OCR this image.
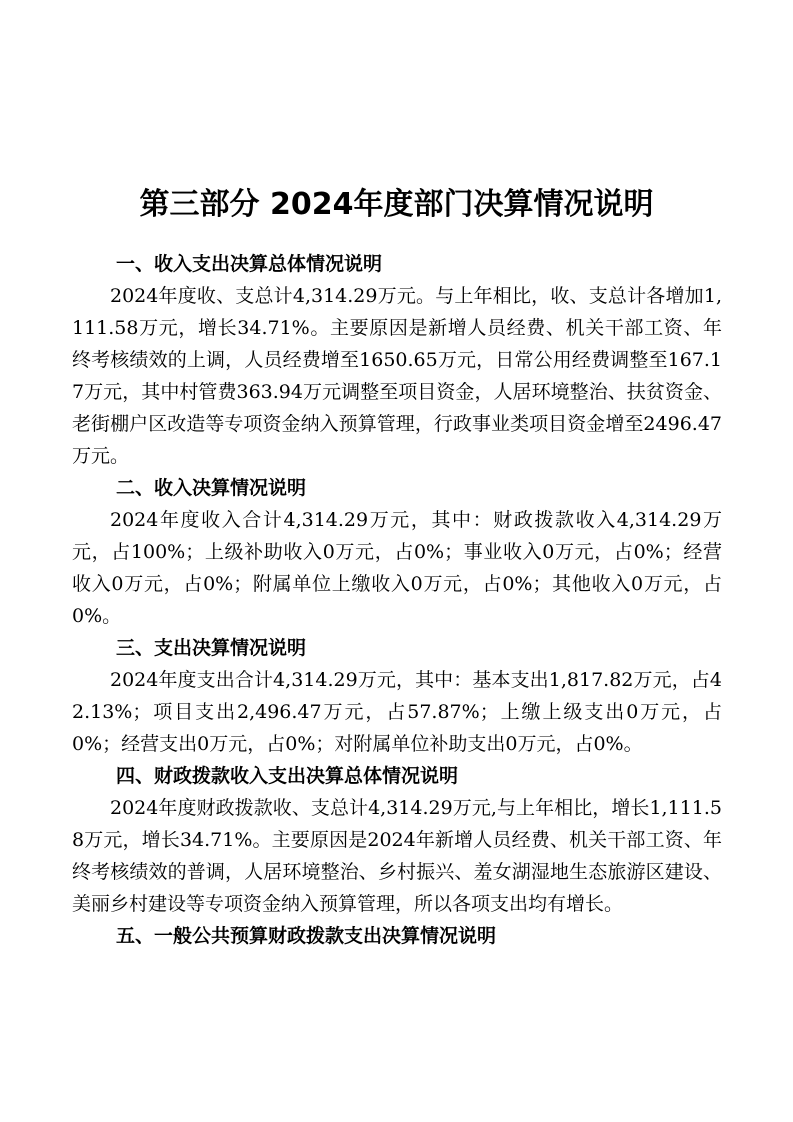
第三部分 2024年度部门决算情况说明
一、收入支出决算总体情况说明

2024年度收、支总计4,314.29万元。与上年相比，收、支总计各增加1,111.58万元，增长34.71%。主要原因是新增人员经费、机关干部工资、年终考核绩效的上调，人员经费增至1650.65万元，日常公用经费调整至167.17万元，其中村管费363.94万元调整至项目资金，人居环境整治、扶贫资金、老街棚户区改造等专项资金纳入预算管理，行政事业类项目资金增至2496.47万元。

二、收入决算情况说明

2024年度收入合计4,314.29万元，其中：财政拨款收入4,314.29万元，占100%；上级补助收入0万元，占0%；事业收入0万元，占0%；经营收入0万元，占0%；附属单位上缴收入0万元，占0%；其他收入0万元，占0%。

三、支出决算情况说明

2024年度支出合计4,314.29万元，其中：基本支出1,817.82万元，占42.13%；项目支出2,496.47万元，占57.87%；上缴上级支出0万元，占0%；经营支出0万元，占0%；对附属单位补助支出0万元，占0%。

四、财政拨款收入支出决算总体情况说明

2024年度财政拨款收、支总计4,314.29万元,与上年相比，增长1,111.58万元，增长34.71%。主要原因是2024年新增人员经费、机关干部工资、年终考核绩效的普调，人居环境整治、乡村振兴、羞女湖湿地生态旅游区建设、美丽乡村建设等专项资金纳入预算管理，所以各项支出均有增长。

五、一般公共预算财政拨款支出决算情况说明
